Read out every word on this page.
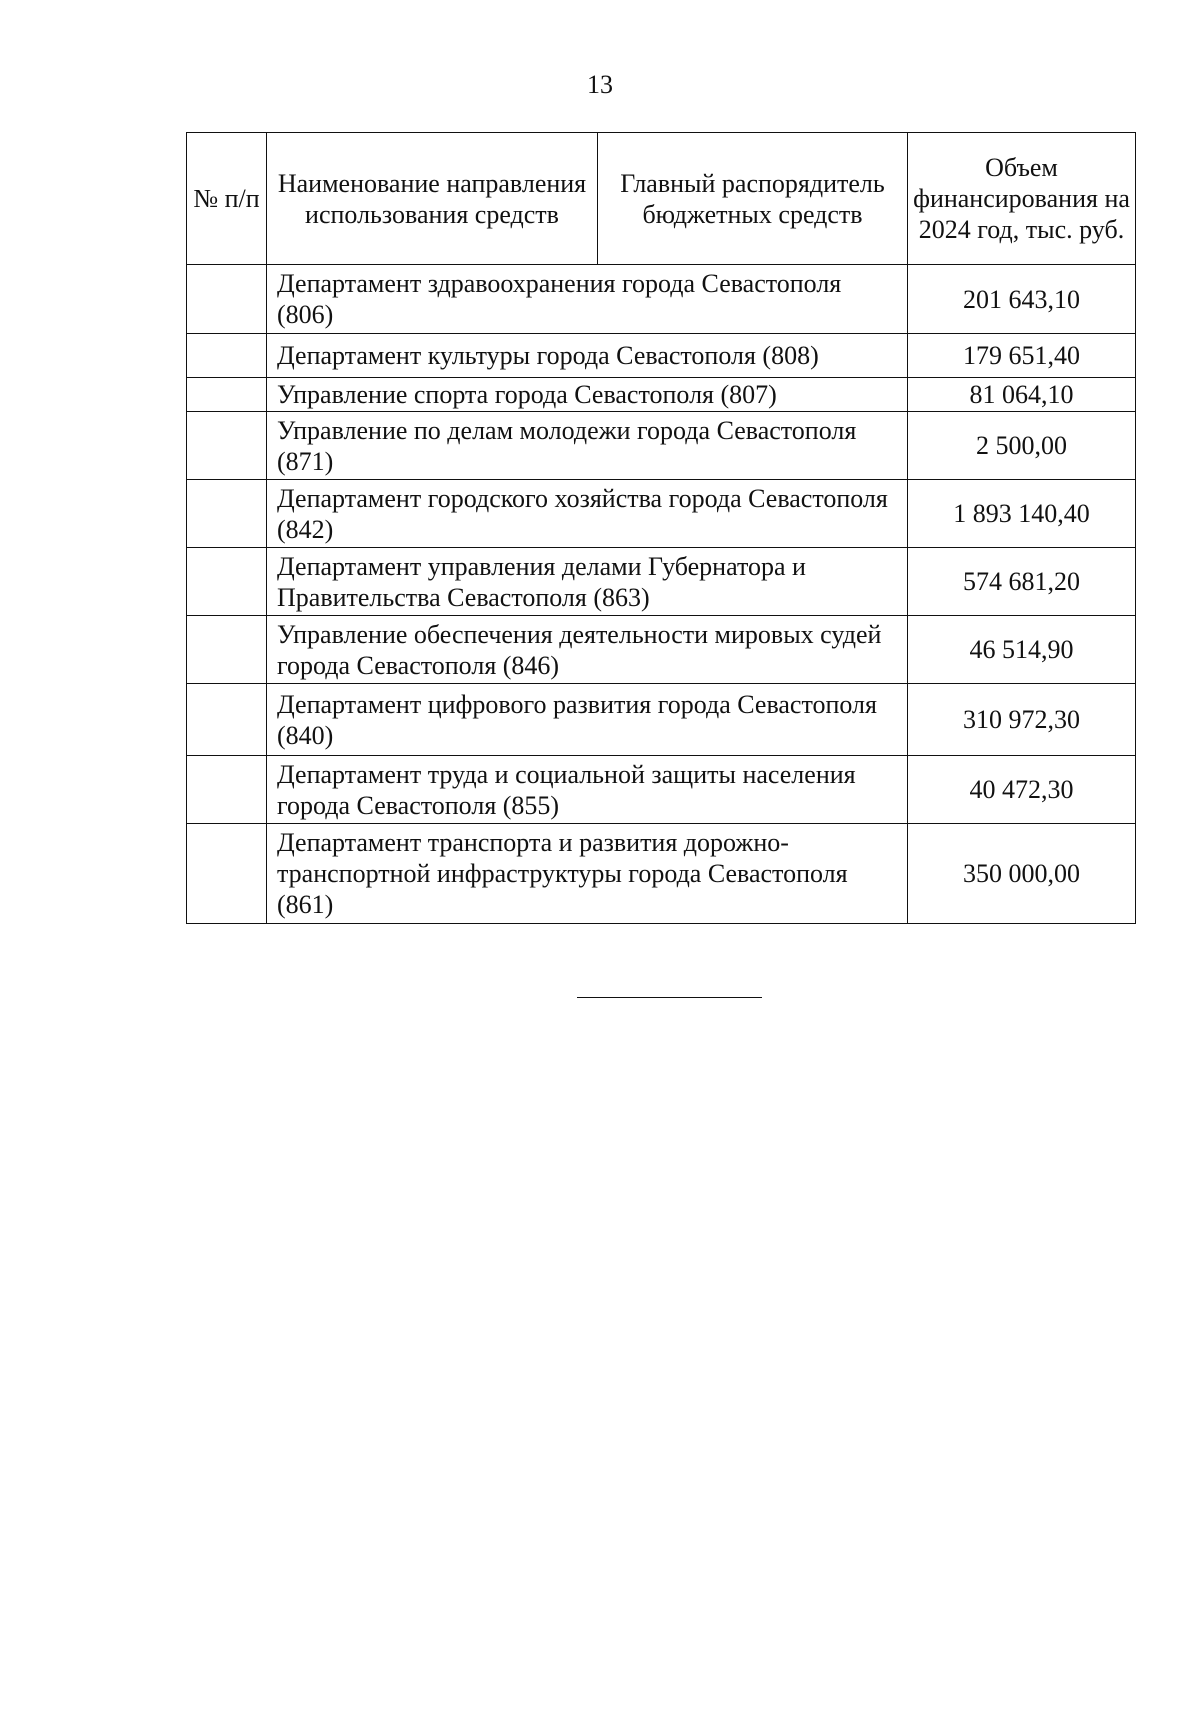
13
№ п/п	Наименование направления использования средств	Главный распорядитель бюджетных средств	Объем финансирования на 2024 год, тыс. руб.
	Департамент здравоохранения города Севастополя (806)		201 643,10
	Департамент культуры города Севастополя (808)		179 651,40
	Управление спорта города Севастополя (807)		81 064,10
	Управление по делам молодежи города Севастополя (871)		2 500,00
	Департамент городского хозяйства города Севастополя (842)		1 893 140,40
	Департамент управления делами Губернатора и Правительства Севастополя (863)		574 681,20
	Управление обеспечения деятельности мировых судей города Севастополя (846)		46 514,90
	Департамент цифрового развития города Севастополя (840)		310 972,30
	Департамент труда и социальной защиты населения города Севастополя (855)		40 472,30
	Департамент транспорта и развития дорожно-транспортной инфраструктуры города Севастополя (861)		350 000,00
